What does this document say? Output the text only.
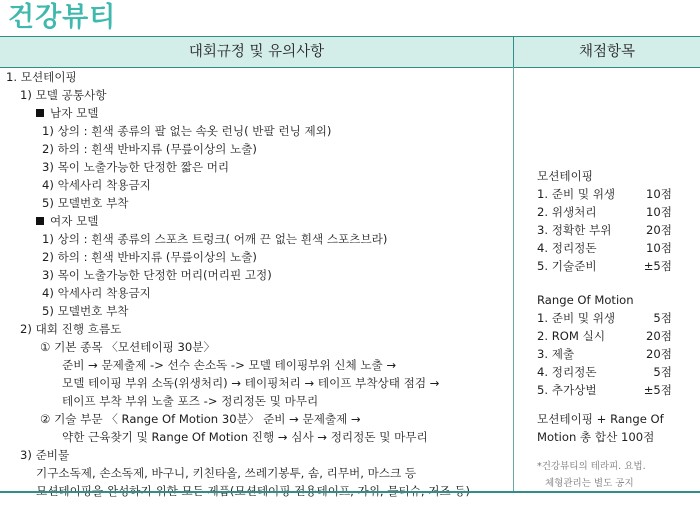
건강뷰티
대회규정 및 유의사항	채점항목
1. 모션테이핑
1) 모델 공통사항
남자 모델
1) 상의 : 흰색 종류의 팔 없는 속옷 런닝( 반팔 런닝 제외)
2) 하의 : 흰색 반바지류 (무릎이상의 노출)
3) 목이 노출가능한 단정한 짧은 머리
4) 악세사리 착용금지
5) 모델번호 부착
여자 모델
1) 상의 : 흰색 종류의 스포츠 트렁크( 어깨 끈 없는 흰색 스포츠브라)
2) 하의 : 흰색 반바지류 (무릎이상의 노출)
3) 목이 노출가능한 단정한 머리(머리핀 고정)
4) 악세사리 착용금지
5) 모델번호 부착
2) 대회 진행 흐름도
① 기본 종목 〈모션테이핑 30분〉
준비 → 문제출제 -> 선수 손소독 -> 모델 테이핑부위 신체 노출 →
모델 테이핑 부위 소독(위생처리) → 테이핑처리 → 테이프 부착상태 점검 →
테이프 부착 부위 노출 포즈 -> 정리정돈 및 마무리
② 기술 부문 〈 Range Of Motion 30분〉 준비 → 문제출제 →
약한 근육찾기 및 Range Of Motion 진행 → 심사 → 정리정돈 및 마무리
3) 준비물
기구소독제, 손소독제, 바구니, 키친타올, 쓰레기봉투, 솜, 리무버, 마스크 등
모션테이핑
1. 준비 및 위생	10점
2. 위생처리	10점
3. 정확한 부위	20점
4. 정리정돈	10점
5. 기술준비	±5점
Range Of Motion
1. 준비 및 위생	5점
2. ROM 실시	20점
3. 제출	20점
4. 정리정돈	5점
5. 추가상벌	±5점
모션테이핑 + Range Of
Motion 총 합산 100점
*건강뷰티의 테라피. 요법.
체형관리는 별도 공지
